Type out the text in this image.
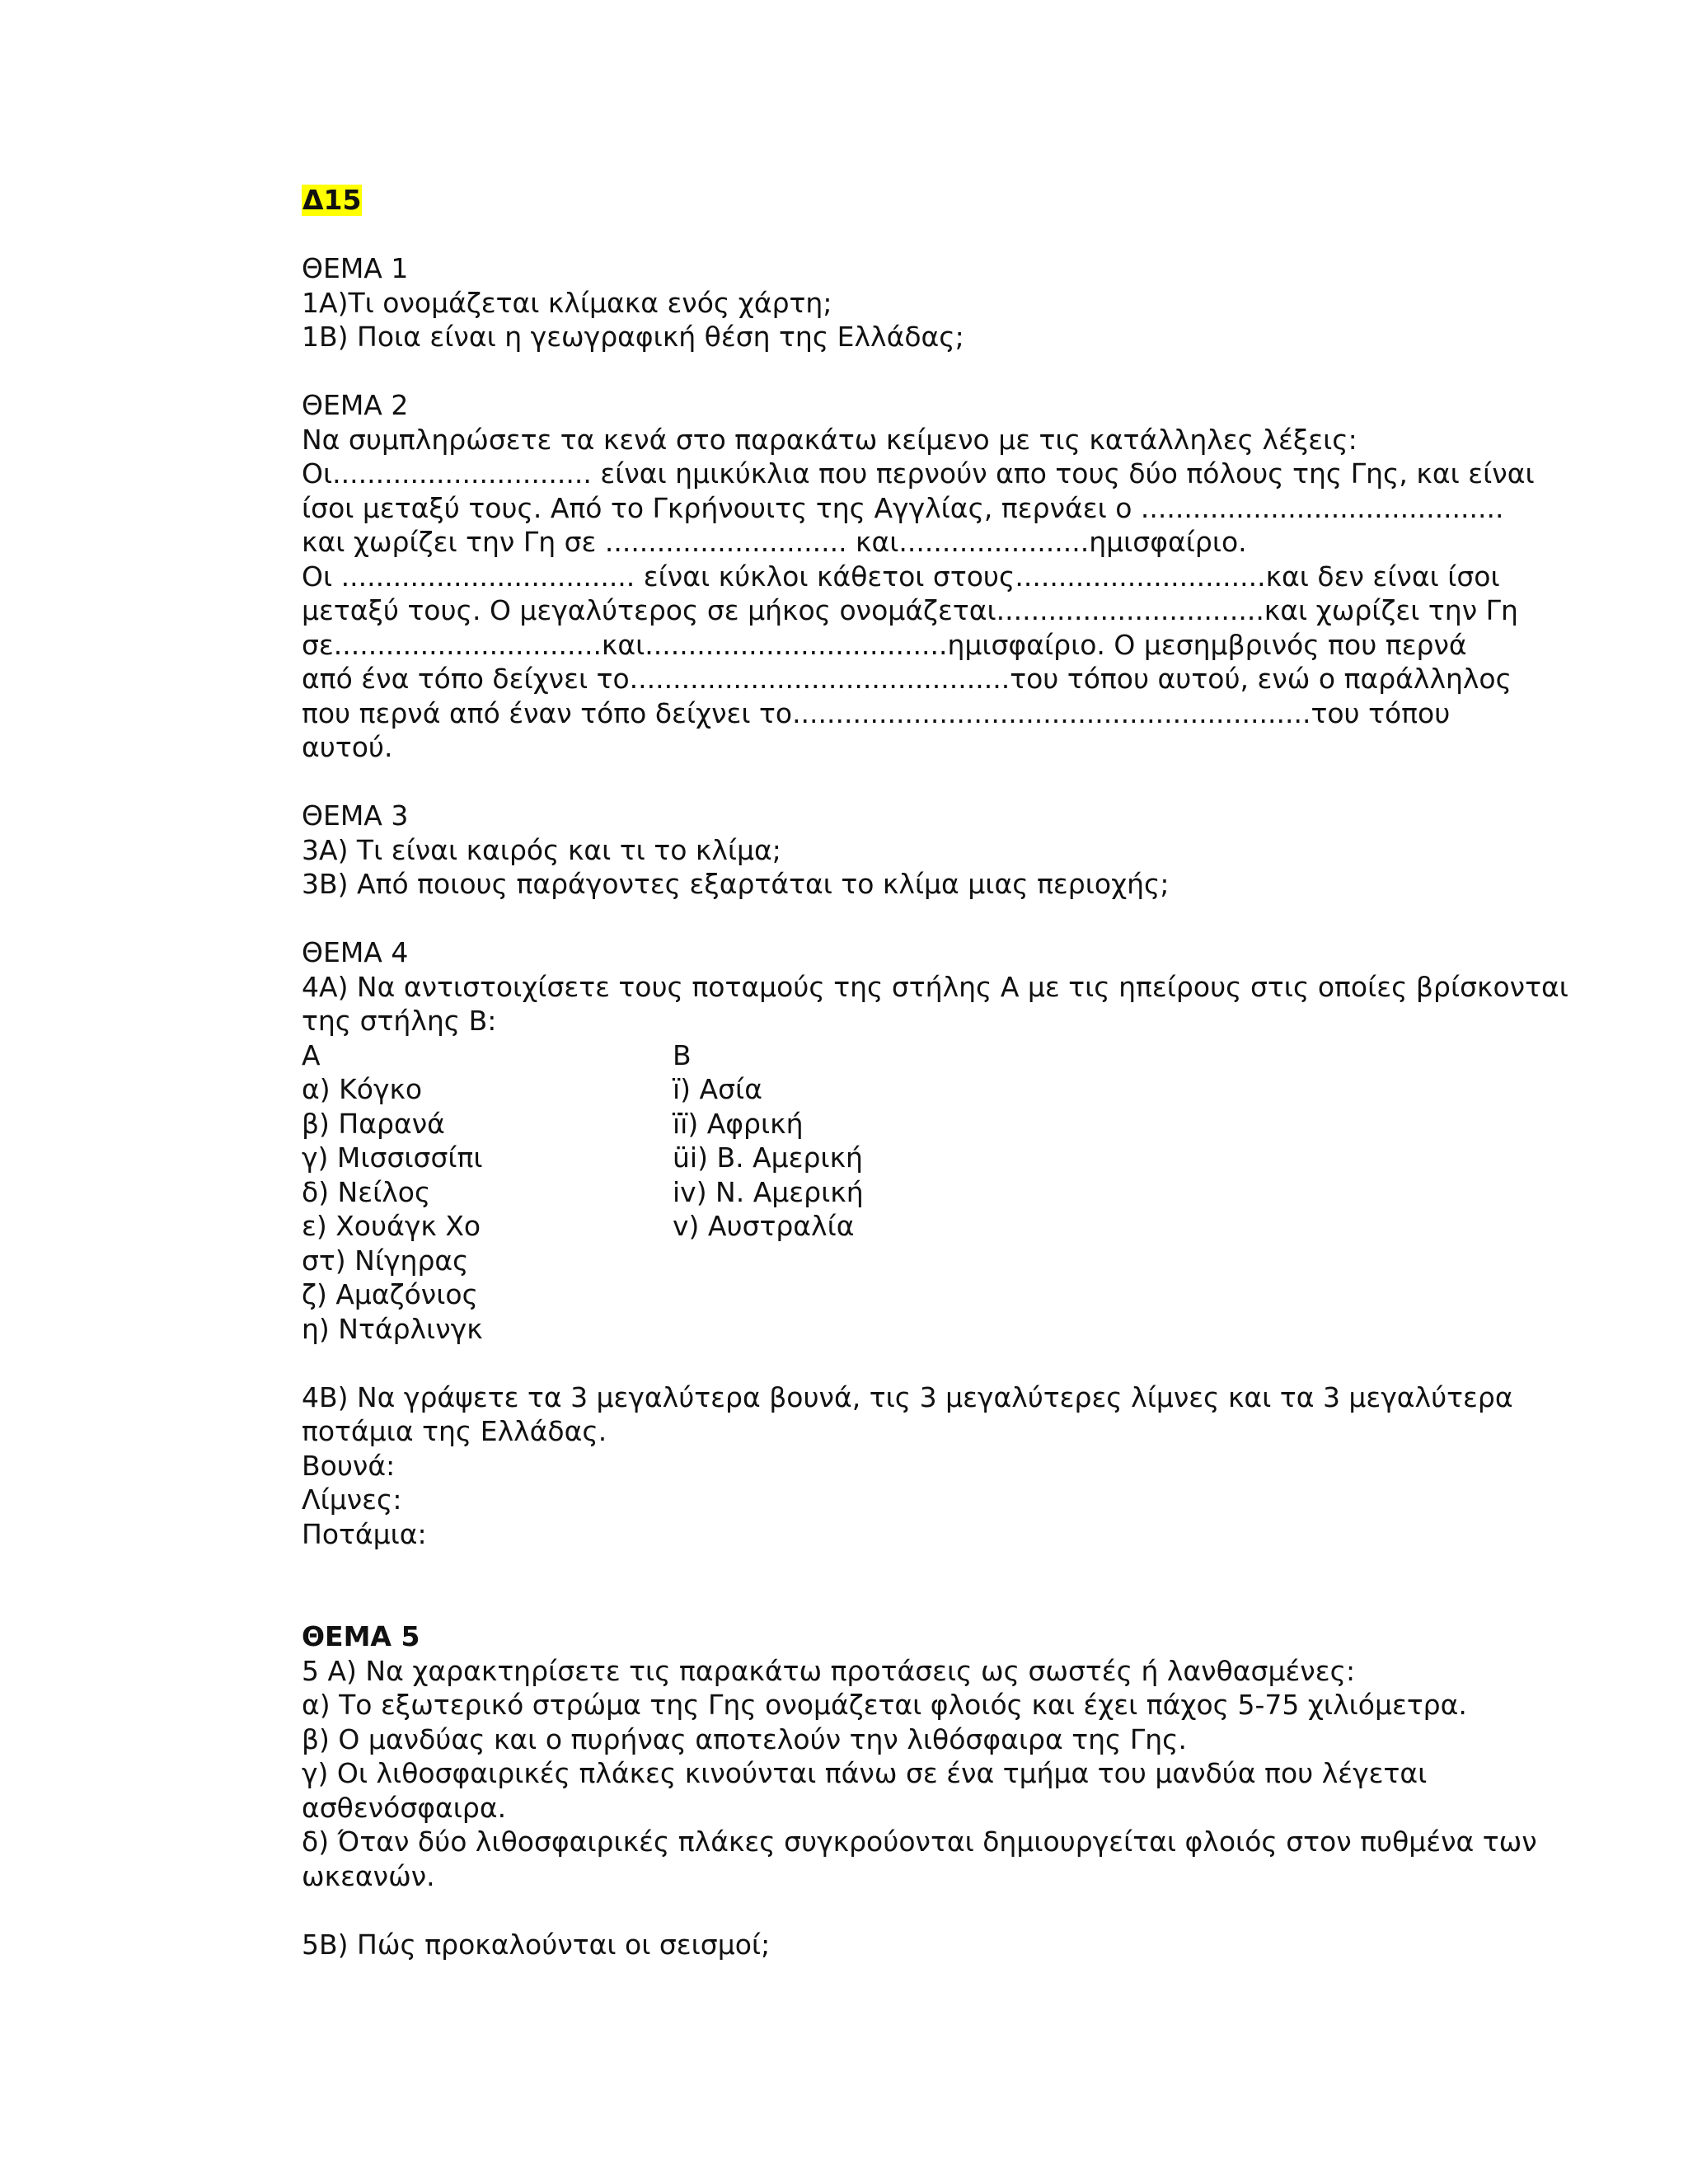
Δ15
ΘΕΜΑ 1
1Α)Τι ονομάζεται κλίμακα ενός χάρτη;
1Β) Ποια είναι η γεωγραφική θέση της Ελλάδας;
ΘΕΜΑ 2
Να συμπληρώσετε τα κενά στο παρακάτω κείμενο με τις κατάλληλες λέξεις:
Οι.............................. είναι ημικύκλια που περνούν απο τους δύο πόλους της Γης, και είναι
ίσοι μεταξύ τους. Από το Γκρήνουιτς της Αγγλίας, περνάει ο ..........................................
και χωρίζει την Γη σε ............................ και......................ημισφαίριο.
Οι .................................. είναι κύκλοι κάθετοι στους.............................και δεν είναι ίσοι
μεταξύ τους. Ο μεγαλύτερος σε μήκος ονομάζεται...............................και χωρίζει την Γη
σε...............................και...................................ημισφαίριο. Ο μεσημβρινός που περνά
από ένα τόπο δείχνει το............................................του τόπου αυτού, ενώ ο παράλληλος
που περνά από έναν τόπο δείχνει το............................................................του τόπου
αυτού.
ΘΕΜΑ 3
3Α) Τι είναι καιρός και τι το κλίμα;
3Β) Από ποιους παράγοντες εξαρτάται το κλίμα μιας περιοχής;
ΘΕΜΑ 4
4Α) Να αντιστοιχίσετε τους ποταμούς της στήλης Α με τις ηπείρους στις οποίες βρίσκονται
της στήλης Β:
Α
α) Κόγκο
β) Παρανά
γ) Μισσισσίπι
δ) Νείλος
ε) Χουάγκ Χο
στ) Νίγηρας
ζ) Αμαζόνιος
η) Ντάρλινγκ
Β
ï) Ασία
ïï) Αφρική
üi) Β. Αμερική
iv) Ν. Αμερική
v) Αυστραλία
4Β) Να γράψετε τα 3 μεγαλύτερα βουνά, τις 3 μεγαλύτερες λίμνες και τα 3 μεγαλύτερα
ποτάμια της Ελλάδας.
Βουνά:
Λίμνες:
Ποτάμια:
ΘΕΜΑ 5
5 Α) Να χαρακτηρίσετε τις παρακάτω προτάσεις ως σωστές ή λανθασμένες:
α) Το εξωτερικό στρώμα της Γης ονομάζεται φλοιός και έχει πάχος 5-75 χιλιόμετρα.
β) Ο μανδύας και ο πυρήνας αποτελούν την λιθόσφαιρα της Γης.
γ) Οι λιθοσφαιρικές πλάκες κινούνται πάνω σε ένα τμήμα του μανδύα που λέγεται
ασθενόσφαιρα.
δ) Όταν δύο λιθοσφαιρικές πλάκες συγκρούονται δημιουργείται φλοιός στον πυθμένα των
ωκεανών.
5Β) Πώς προκαλούνται οι σεισμοί;
